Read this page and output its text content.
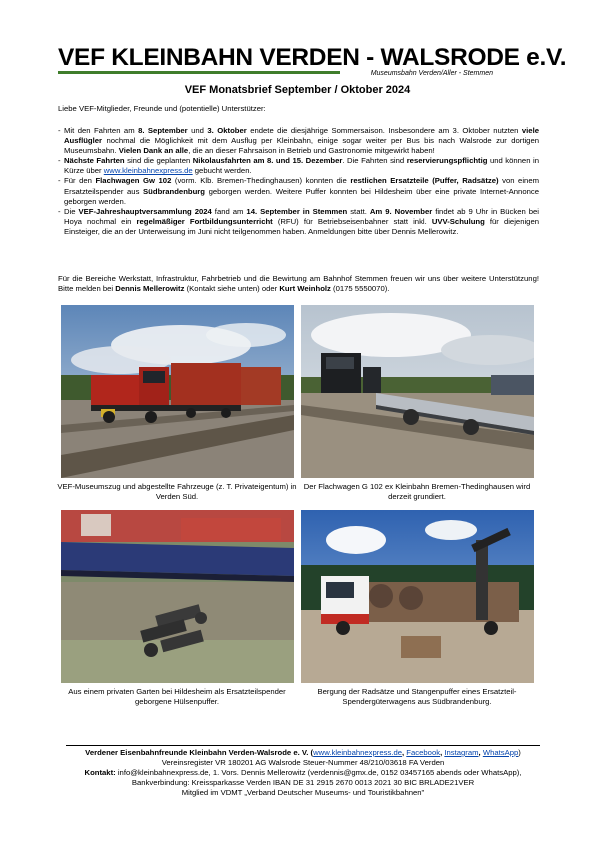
VEF KLEINBAHN VERDEN - WALSRODE e.V.
Museumsbahn Verden/Aller - Stemmen
VEF Monatsbrief September / Oktober 2024
Liebe VEF-Mitglieder, Freunde und (potentielle) Unterstützer:
- Mit den Fahrten am 8. September und 3. Oktober endete die diesjährige Sommersaison. Insbesondere am 3. Oktober nutzten viele Ausflügler nochmal die Möglichkeit mit dem Ausflug per Kleinbahn, einige sogar weiter per Bus bis nach Walsrode zur dortigen Museumsbahn. Vielen Dank an alle, die an dieser Fahrsaison in Betrieb und Gastronomie mitgewirkt haben!
- Nächste Fahrten sind die geplanten Nikolausfahrten am 8. und 15. Dezember. Die Fahrten sind reservierungspflichtig und können in Kürze über www.kleinbahnexpress.de gebucht werden.
- Für den Flachwagen Gw 102 (vorm. Klb. Bremen-Thedinghausen) konnten die restlichen Ersatzteile (Puffer, Radsätze) von einem Ersatzteilspender aus Südbrandenburg geborgen werden. Weitere Puffer konnten bei Hildesheim über eine private Internet-Annonce geborgen werden.
- Die VEF-Jahreshauptversammlung 2024 fand am 14. September in Stemmen statt. Am 9. November findet ab 9 Uhr in Bücken bei Hoya nochmal ein regelmäßiger Fortbildungsunterricht (RFU) für Betriebseisenbahner statt inkl. UVV-Schulung für diejenigen Einsteiger, die an der Unterweisung im Juni nicht teilgenommen haben. Anmeldungen bitte über Dennis Mellerowitz.
Für die Bereiche Werkstatt, Infrastruktur, Fahrbetrieb und die Bewirtung am Bahnhof Stemmen freuen wir uns über weitere Unterstützung! Bitte melden bei Dennis Mellerowitz (Kontakt siehe unten) oder Kurt Weinholz (0175 5550070).
VEF-Museumszug und abgestellte Fahrzeuge (z. T. Privateigentum) in Verden Süd.
Der Flachwagen G 102 ex Kleinbahn Bremen-Thedinghausen wird derzeit grundiert.
Aus einem privaten Garten bei Hildesheim als Ersatzteilspender geborgene Hülsenpuffer.
Bergung der Radsätze und Stangenpuffer eines Ersatzteil-Spendergüterwagens aus Südbrandenburg.
Verdener Eisenbahnfreunde Kleinbahn Verden-Walsrode e. V. (www.kleinbahnexpress.de, Facebook, Instagram, WhatsApp) Vereinsregister VR 180201 AG Walsrode Steuer-Nummer 48/210/03618 FA Verden
Kontakt: info@kleinbahnexpress.de, 1. Vors. Dennis Mellerowitz (verdennis@gmx.de, 0152 03457165 abends oder WhatsApp), Bankverbindung: Kreissparkasse Verden IBAN DE 31 2915 2670 0013 2021 30 BIC BRLADE21VER
Mitglied im VDMT „Verband Deutscher Museums- und Touristikbahnen"
